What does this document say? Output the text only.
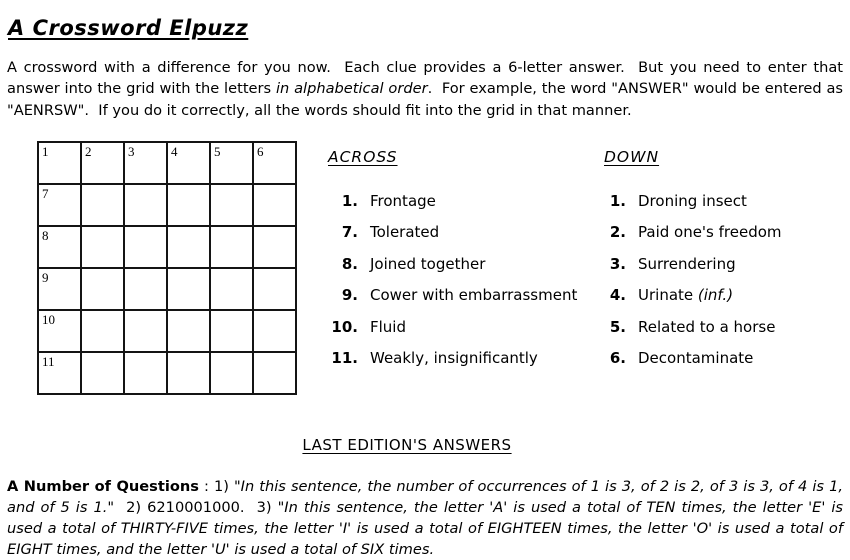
A Crossword Elpuzz

A crossword with a difference for you now.  Each clue provides a 6-letter answer.  But you need to enter that answer into the grid with the letters in alphabetical order.  For example, the word "ANSWER" would be entered as "AENRSW".  If you do it correctly, all the words should fit into the grid in that manner.

1	2	3	4	5	6
7					
8					
9					
10					
11					
ACROSS
1. Frontage
7. Tolerated
8. Joined together
9. Cower with embarrassment
10. Fluid
11. Weakly, insignificantly
DOWN
1. Droning insect
2. Paid one's freedom
3. Surrendering
4. Urinate (inf.)
5. Related to a horse
6. Decontaminate
LAST EDITION'S ANSWERS

A Number of Questions : 1) "In this sentence, the number of occurrences of 1 is 3, of 2 is 2, of 3 is 3, of 4 is 1, and of 5 is 1."  2) 6210001000.  3) "In this sentence, the letter 'A' is used a total of TEN times, the letter 'E' is used a total of THIRTY-FIVE times, the letter 'I' is used a total of EIGHTEEN times, the letter 'O' is used a total of EIGHT times, and the letter 'U' is used a total of SIX times.
